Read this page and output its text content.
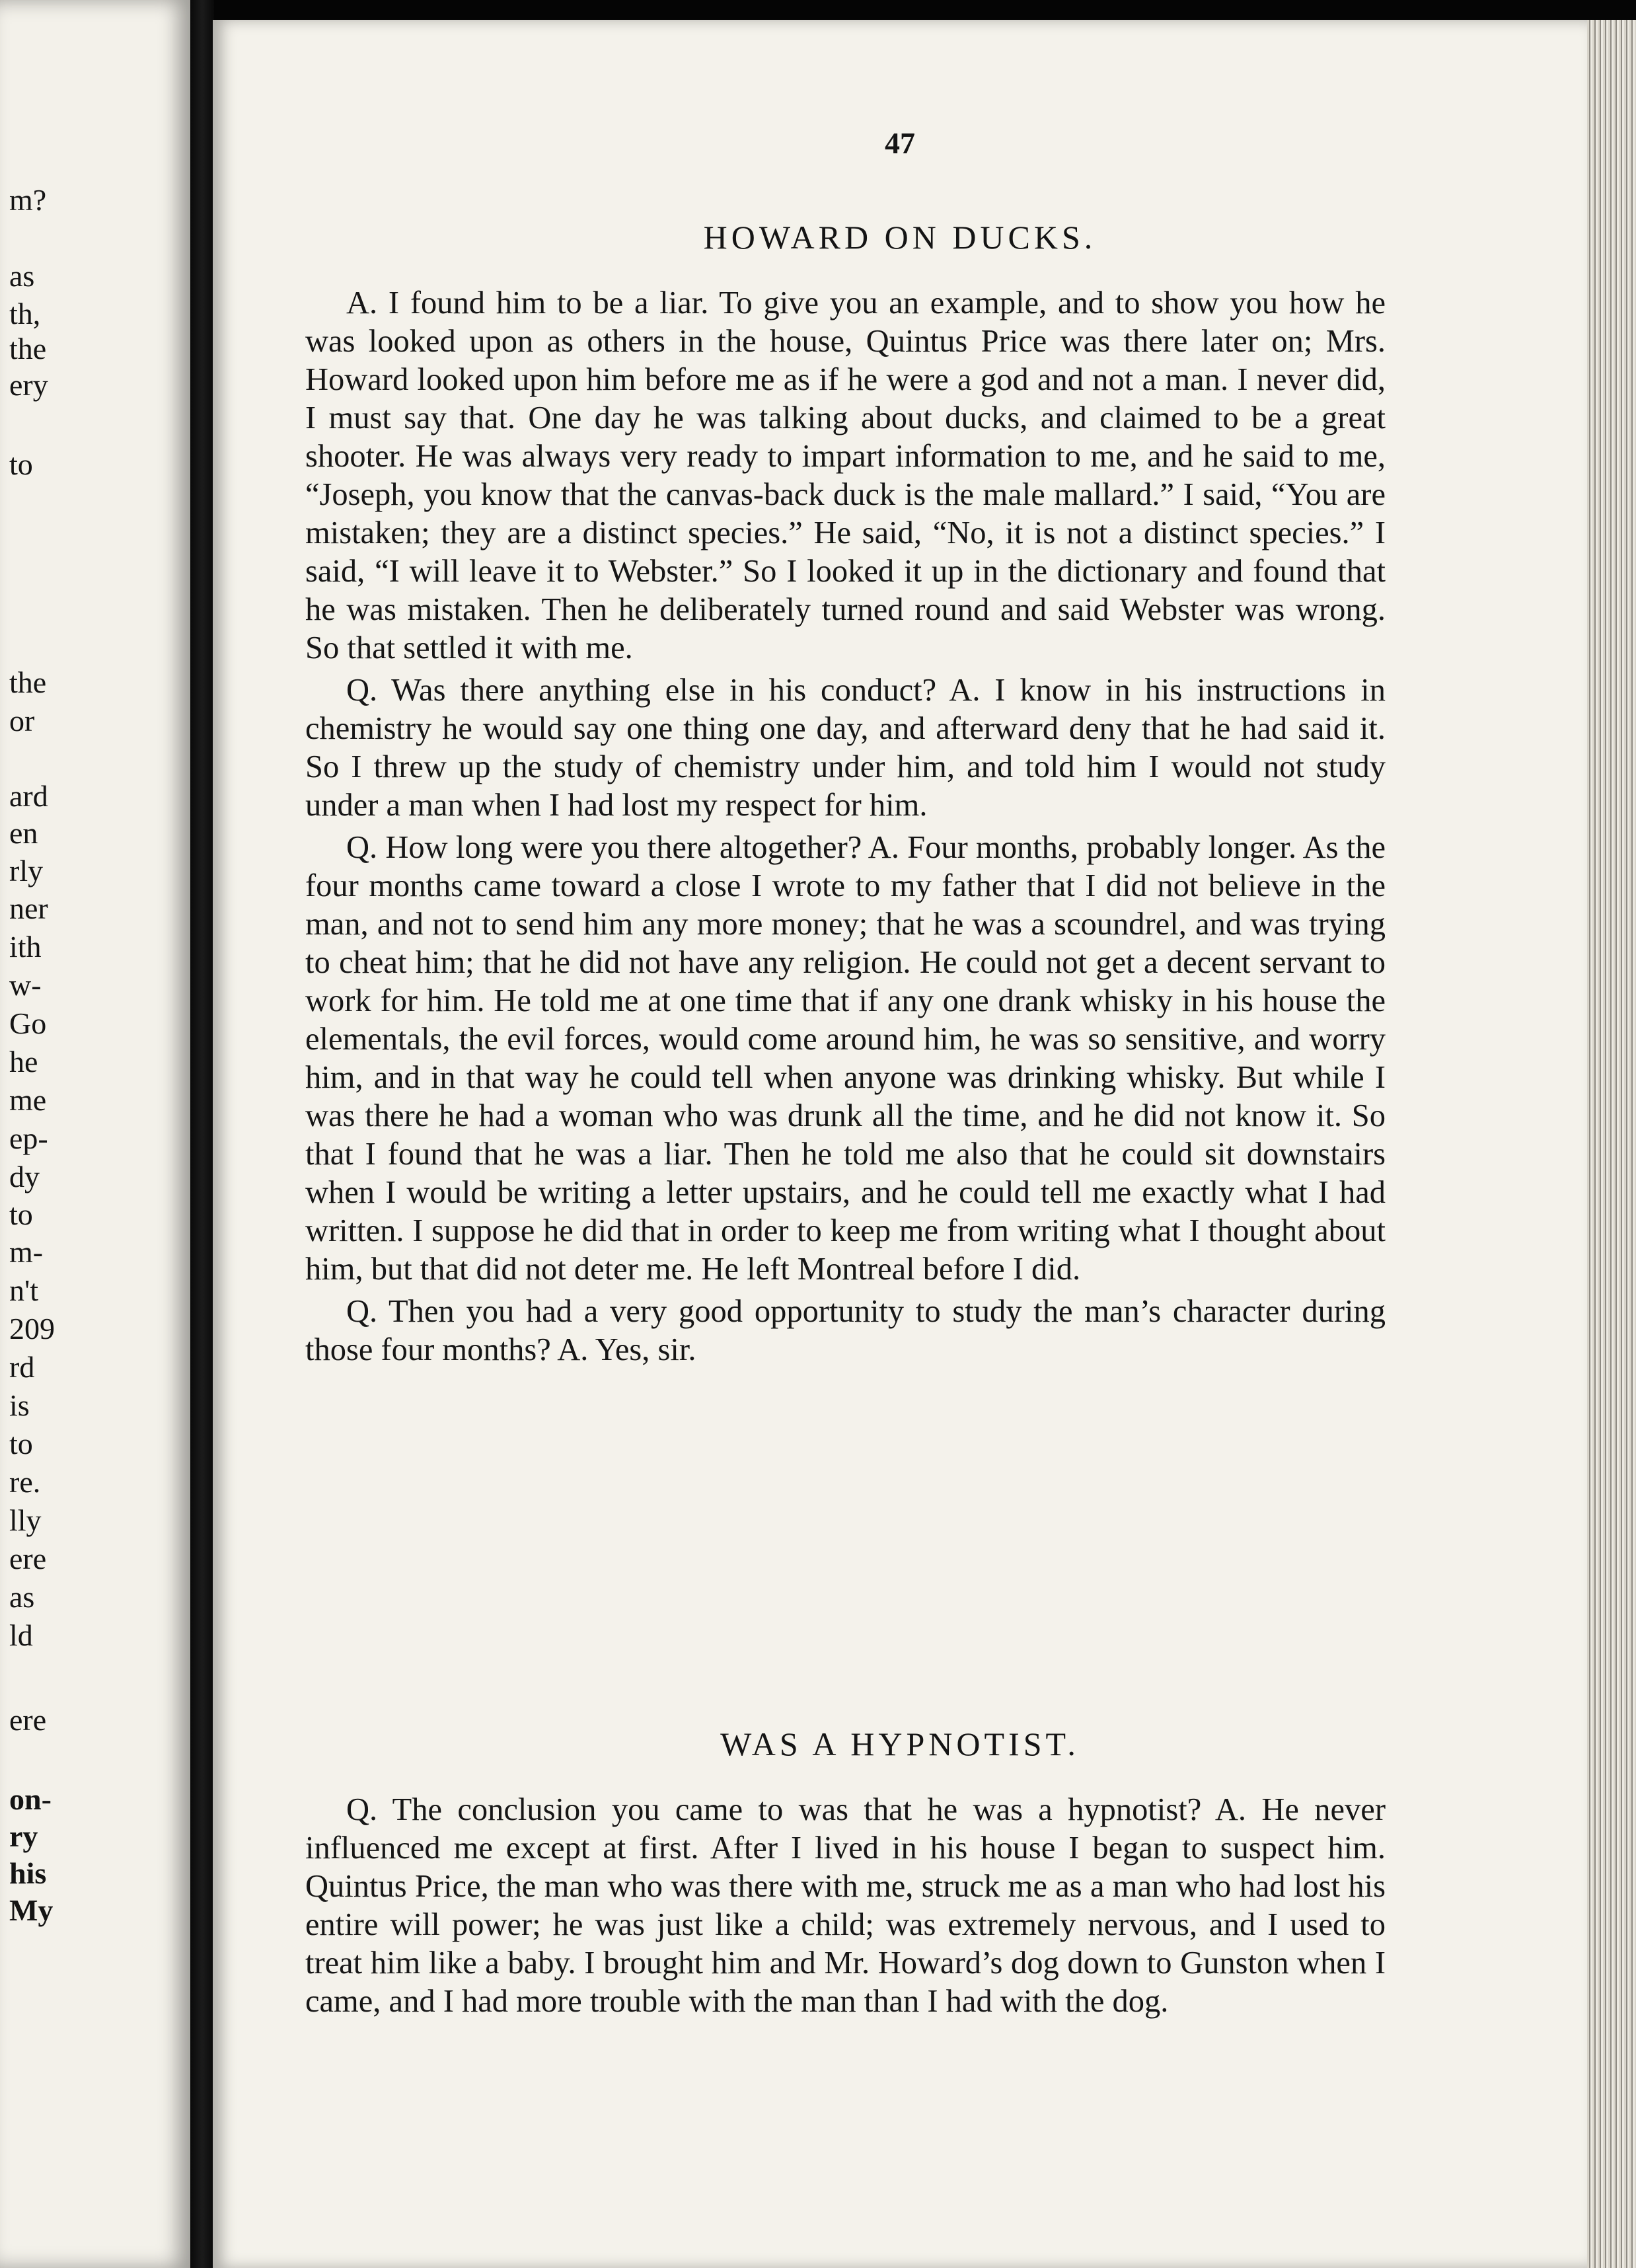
m?
as
th,
the
ery
to
the
or
ard
en
rly
ner
ith
w-
Go
he
me
ep-
dy
to
m-
n't
209
rd
is
to
re.
lly
ere
as
ld
ere
on-
ry
his
My
47
HOWARD ON DUCKS.

A. I found him to be a liar. To give you an example, and to show you how he was looked upon as others in the house, Quintus Price was there later on; Mrs. Howard looked upon him before me as if he were a god and not a man. I never did, I must say that. One day he was talking about ducks, and claimed to be a great shooter. He was always very ready to impart information to me, and he said to me, “Joseph, you know that the canvas-back duck is the male mallard.” I said, “You are mistaken; they are a distinct species.” He said, “No, it is not a distinct species.” I said, “I will leave it to Webster.” So I looked it up in the dictionary and found that he was mistaken. Then he deliberately turned round and said Webster was wrong. So that settled it with me.

Q. Was there anything else in his conduct? A. I know in his instructions in chemistry he would say one thing one day, and afterward deny that he had said it. So I threw up the study of chemistry under him, and told him I would not study under a man when I had lost my respect for him.

Q. How long were you there altogether? A. Four months, probably longer. As the four months came toward a close I wrote to my father that I did not believe in the man, and not to send him any more money; that he was a scoundrel, and was trying to cheat him; that he did not have any religion. He could not get a decent servant to work for him. He told me at one time that if any one drank whisky in his house the elementals, the evil forces, would come around him, he was so sensitive, and worry him, and in that way he could tell when anyone was drinking whisky. But while I was there he had a woman who was drunk all the time, and he did not know it. So that I found that he was a liar. Then he told me also that he could sit downstairs when I would be writing a letter upstairs, and he could tell me exactly what I had written. I suppose he did that in order to keep me from writing what I thought about him, but that did not deter me. He left Montreal before I did.

Q. Then you had a very good opportunity to study the man’s character during those four months? A. Yes, sir.

WAS A HYPNOTIST.

Q. The conclusion you came to was that he was a hypnotist? A. He never influenced me except at first. After I lived in his house I began to suspect him. Quintus Price, the man who was there with me, struck me as a man who had lost his entire will power; he was just like a child; was extremely nervous, and I used to treat him like a baby. I brought him and Mr. Howard’s dog down to Gunston when I came, and I had more trouble with the man than I had with the dog.
